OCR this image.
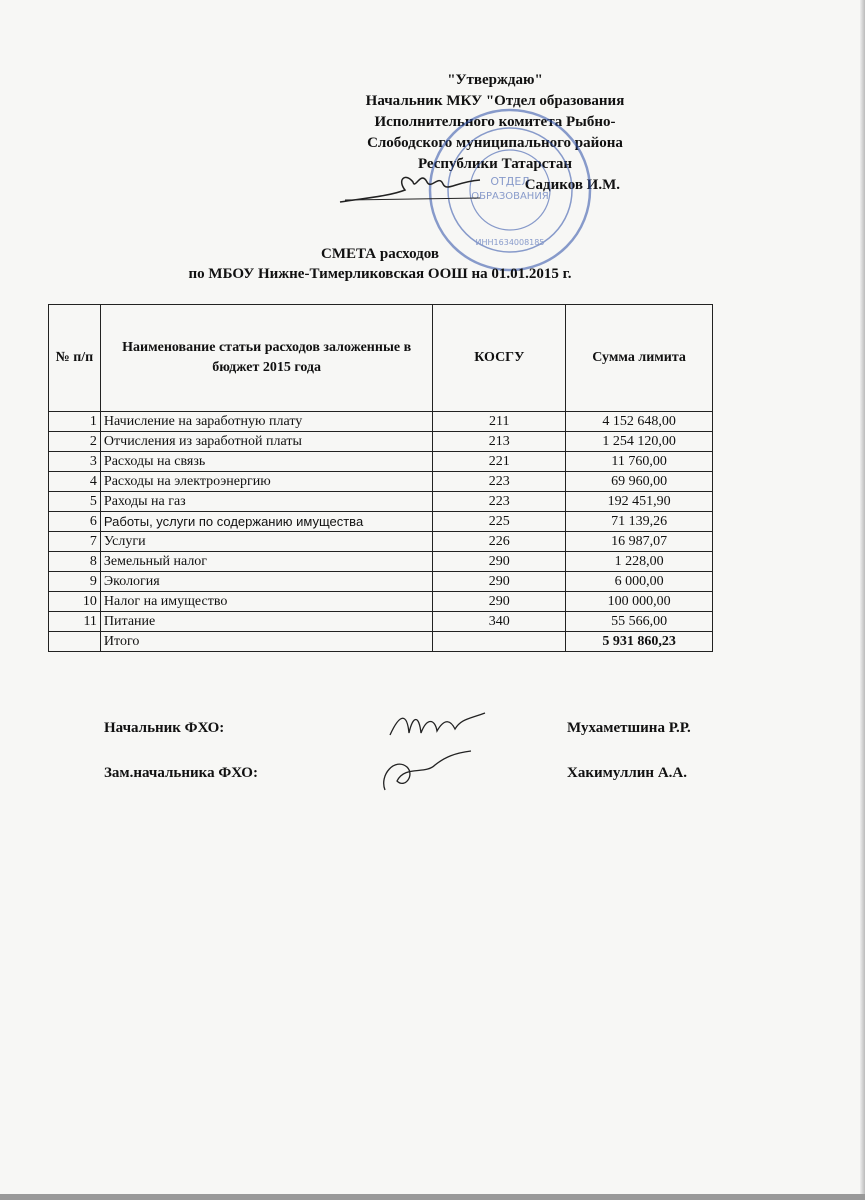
"Утверждаю"
Начальник МКУ "Отдел образования
Исполнительного комитета Рыбно-
Слободского муниципального района
Республики Татарстан
Садиков И.М.
ОТДЕЛ
ОБРАЗОВАНИЯ
ИНН1634008185
СМЕТА расходов
по МБОУ Нижне-Тимерликовская ООШ на 01.01.2015 г.
№ п/п	Наименование статьи расходов заложенные в бюджет 2015 года	КОСГУ	Сумма лимита
1	Начисление на заработную плату	211	4 152 648,00
2	Отчисления из заработной платы	213	1 254 120,00
3	Расходы на связь	221	11 760,00
4	Расходы на электроэнергию	223	69 960,00
5	Раходы на газ	223	192 451,90
6	Работы, услуги по содержанию имущества	225	71 139,26
7	Услуги	226	16 987,07
8	Земельный налог	290	1 228,00
9	Экология	290	6 000,00
10	Налог на имущество	290	100 000,00
11	Питание	340	55 566,00
	Итого		5 931 860,23
Начальник ФХО:	Мухаметшина Р.Р.
Зам.начальника ФХО:	Хакимуллин А.А.
